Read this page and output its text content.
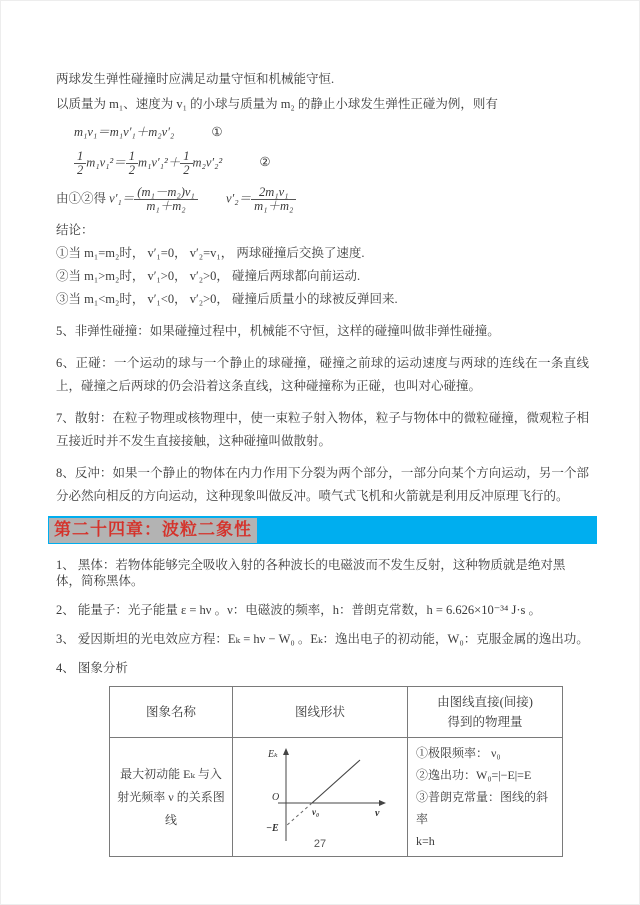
两球发生弹性碰撞时应满足动量守恒和机械能守恒.

以质量为 m₁、速度为 v₁ 的小球与质量为 m₂ 的静止小球发生弹性正碰为例，则有

m₁v₁＝m₁v′₁＋m₂v′₂	①
$\frac{1}{2} m_1v_1^2= \frac{1}{2} m_1v'_1^2+ \frac{1}{2} m_2v'_2^2$	②
由①②得 $v'_1= \frac{\text{(m₁－m₂)v₁}}{\text{m₁＋m₂}} v'_2= \frac{\text{2m₁v₁}}{\text{m₁＋m₂}}$

结论：

①当 m₁=m₂时， v′₁=0， v′₂=v₁， 两球碰撞后交换了速度.

②当 m₁>m₂时， v′₁>0， v′₂>0， 碰撞后两球都向前运动.

③当 m₁<m₂时， v′₁<0， v′₂>0， 碰撞后质量小的球被反弹回来.

5、非弹性碰撞：如果碰撞过程中，机械能不守恒，这样的碰撞叫做非弹性碰撞。

6、正碰：一个运动的球与一个静止的球碰撞，碰撞之前球的运动速度与两球的连线在一条直线上，碰撞之后两球的仍会沿着这条直线，这种碰撞称为正碰，也叫对心碰撞。

7、散射：在粒子物理或核物理中，使一束粒子射入物体，粒子与物体中的微粒碰撞，微观粒子相互接近时并不发生直接接触，这种碰撞叫做散射。

8、反冲：如果一个静止的物体在内力作用下分裂为两个部分，一部分向某个方向运动，另一个部分必然向相反的方向运动，这种现象叫做反冲。喷气式飞机和火箭就是利用反冲原理飞行的。

第二十四章：波粒二象性

1、 黑体：若物体能够完全吸收入射的各种波长的电磁波而不发生反射，这种物质就是绝对黑体，简称黑体。

2、 能量子：光子能量 ε = hν 。ν：电磁波的频率，h：普朗克常数，h = 6.626×10⁻³⁴ J·s 。

3、 爱因斯坦的光电效应方程：Eₖ = hν − W₀ 。Eₖ：逸出电子的初动能，W₀：克服金属的逸出功。

4、 图象分析

图象名称	图线形状	由图线直接(间接)
得到的物理量

最大初动能 Eₖ 与入射光频率 ν 的关系图线	Eₖ
O
ν₀ ν
−E	①极限频率： ν₀
②逸出功：W₀=|−E|=E
③普朗克常量：图线的斜率
k=h
27
